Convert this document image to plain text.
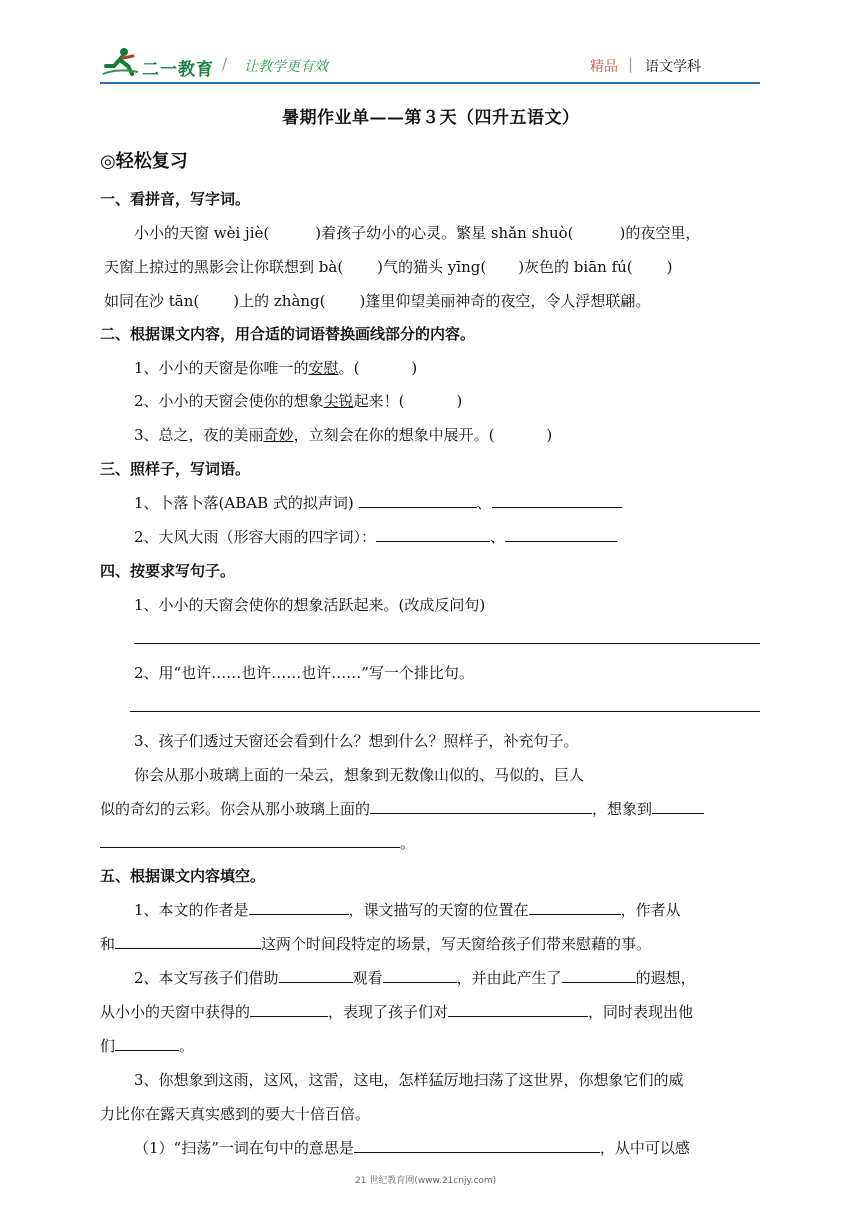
二一教育 / 让教学更有效	精品 | 语文学科
暑期作业单——第３天（四升五语文）
◎轻松复习
一、看拼音，写字词。
小小的天窗 wèi jiè(	)着孩子幼小的心灵。繁星 shǎn shuò(	)的夜空里，
天窗上掠过的黑影会让你联想到 bà( )气的猫头 yīng( )灰色的 biān fú( )
如同在沙 tān( )上的 zhàng( )篷里仰望美丽神奇的夜空，令人浮想联翩。
二、根据课文内容，用合适的词语替换画线部分的内容。
1、小小的天窗是你唯一的安慰。(	)
2、小小的天窗会使你的想象尖锐起来！(	)
3、总之，夜的美丽奇妙，立刻会在你的想象中展开。(	)
三、照样子，写词语。
1、卜落卜落(ABAB 式的拟声词)	、
2、大风大雨（形容大雨的四字词）：	、
四、按要求写句子。
1、小小的天窗会使你的想象活跃起来。(改成反问句)
2、用“也许……也许……也许……”写一个排比句。
3、孩子们透过天窗还会看到什么？想到什么？照样子，补充句子。
你会从那小玻璃上面的一朵云，想象到无数像山似的、马似的、巨人
似的奇幻的云彩。你会从那小玻璃上面的	，想象到
。
五、根据课文内容填空。
1、本文的作者是	，课文描写的天窗的位置在	，作者从
和	这两个时间段特定的场景，写天窗给孩子们带来慰藉的事。
2、本文写孩子们借助	观看	，并由此产生了	的遐想，
从小小的天窗中获得的	，表现了孩子们对	，同时表现出他
们	。
3、你想象到这雨，这风，这雷，这电，怎样猛厉地扫荡了这世界，你想象它们的威
力比你在露天真实感到的要大十倍百倍。
（1）“扫荡”一词在句中的意思是	，从中可以感
21 世纪教育网(www.21cnjy.com)
